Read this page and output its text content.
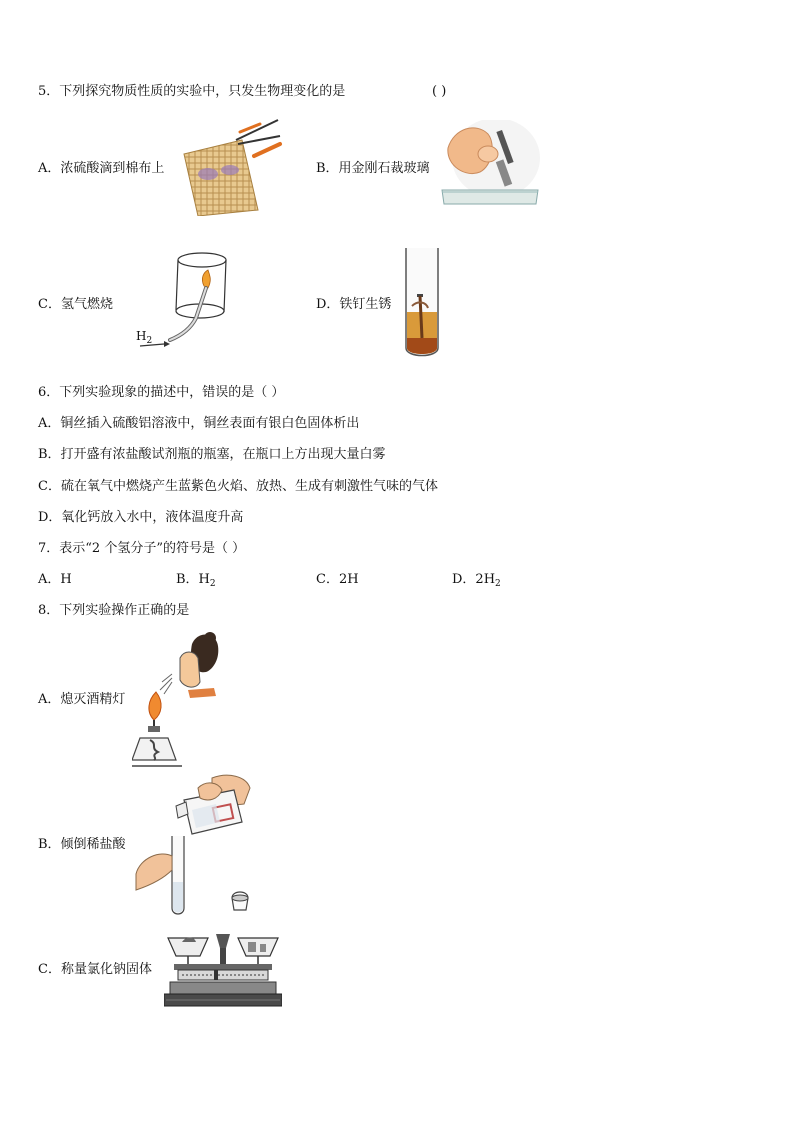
5．下列探究物质性质的实验中，只发生物理变化的是	( )
A．浓硫酸滴到棉布上	B．用金刚石裁玻璃
C．氢气燃烧
$H_2$
D．铁钉生锈
6．下列实验现象的描述中，错误的是（ ）
A．铜丝插入硫酸铝溶液中，铜丝表面有银白色固体析出
B．打开盛有浓盐酸试剂瓶的瓶塞，在瓶口上方出现大量白雾
C．硫在氧气中燃烧产生蓝紫色火焰、放热、生成有刺激性气味的气体
D．氧化钙放入水中，液体温度升高
7．表示“2 个氢分子”的符号是（ ）
A．H	B．$H_2$	C．2H	D．$2H_2$
8．下列实验操作正确的是
A．熄灭酒精灯
B．倾倒稀盐酸
C．称量氯化钠固体
